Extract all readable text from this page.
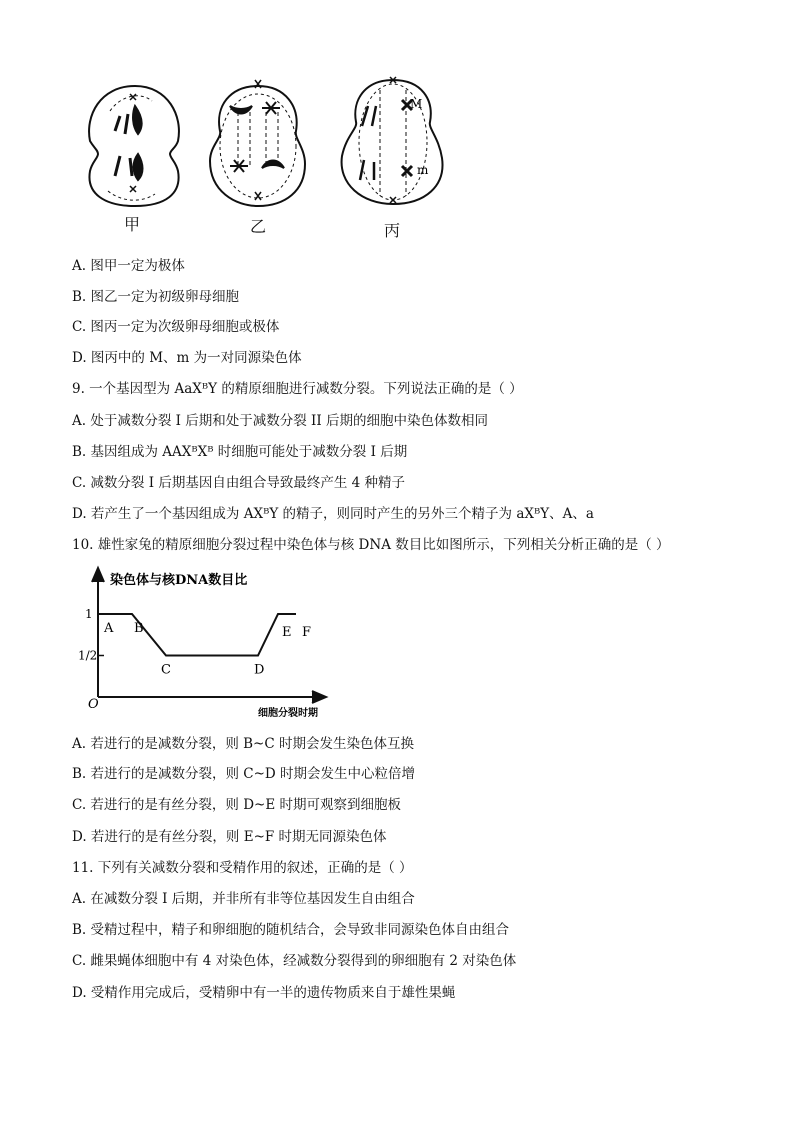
M
m
甲	乙	丙
A. 图甲一定为极体
B. 图乙一定为初级卵母细胞
C. 图丙一定为次级卵母细胞或极体
D. 图丙中的 M、m 为一对同源染色体
9. 一个基因型为 AaXᴮY 的精原细胞进行减数分裂。下列说法正确的是（ ）
A. 处于减数分裂 I 后期和处于减数分裂 II 后期的细胞中染色体数相同
B. 基因组成为 AAXᴮXᴮ 时细胞可能处于减数分裂 I 后期
C. 减数分裂 I 后期基因自由组合导致最终产生 4 种精子
D. 若产生了一个基因组成为 AXᴮY 的精子，则同时产生的另外三个精子为 aXᴮY、A、a
10. 雄性家兔的精原细胞分裂过程中染色体与核 DNA 数目比如图所示，下列相关分析正确的是（ ）
染色体与核DNA数目比
细胞分裂时期
O
1
1/2
A B
C	D
E F
A. 若进行的是减数分裂，则 B~C 时期会发生染色体互换
B. 若进行的是减数分裂，则 C~D 时期会发生中心粒倍增
C. 若进行的是有丝分裂，则 D~E 时期可观察到细胞板
D. 若进行的是有丝分裂，则 E~F 时期无同源染色体
11. 下列有关减数分裂和受精作用的叙述，正确的是（ ）
A. 在减数分裂 I 后期，并非所有非等位基因发生自由组合
B. 受精过程中，精子和卵细胞的随机结合，会导致非同源染色体自由组合
C. 雌果蝇体细胞中有 4 对染色体，经减数分裂得到的卵细胞有 2 对染色体
D. 受精作用完成后，受精卵中有一半的遗传物质来自于雄性果蝇
